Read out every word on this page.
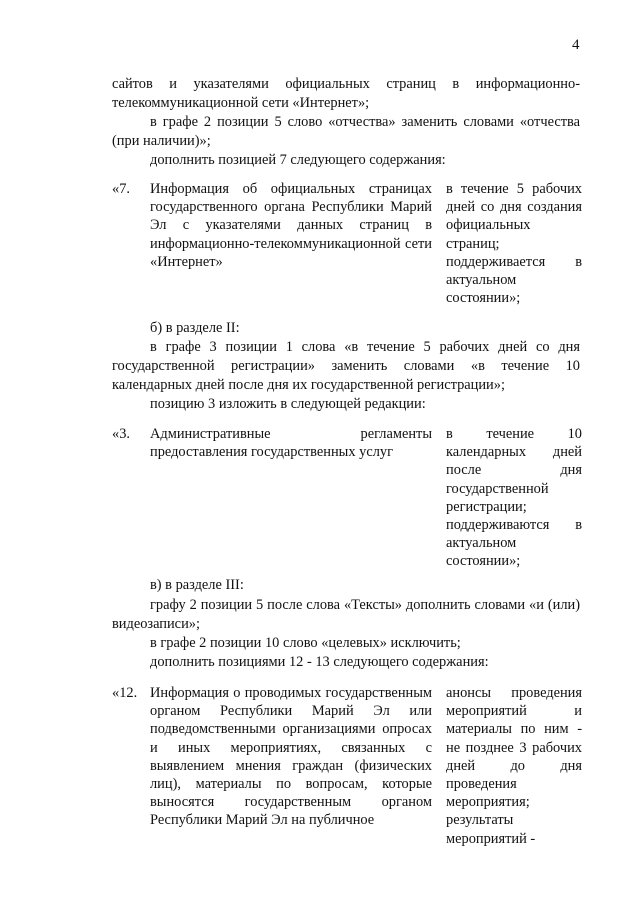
4

сайтов и указателями официальных страниц в информационно-телекоммуникационной сети «Интернет»;

в графе 2 позиции 5 слово «отчества» заменить словами «отчества (при наличии)»;

дополнить позицией 7 следующего содержания:

«7. Информация об официальных страницах государственного органа Республики Марий Эл с указателями данных страниц в информационно-телекоммуникационной сети «Интернет»
в течение 5 рабочих дней со дня создания официальных страниц; поддерживается в актуальном состоянии»;

б) в разделе II:

в графе 3 позиции 1 слова «в течение 5 рабочих дней со дня государственной регистрации» заменить словами «в течение 10 календарных дней после дня их государственной регистрации»;

позицию 3 изложить в следующей редакции:

«3. Административные регламенты предоставления государственных услуг
в течение 10 календарных дней после дня государственной регистрации; поддерживаются в актуальном состоянии»;

в) в разделе III:

графу 2 позиции 5 после слова «Тексты» дополнить словами «и (или) видеозаписи»;

в графе 2 позиции 10 слово «целевых» исключить;

дополнить позициями 12 - 13 следующего содержания:

«12. Информация о проводимых государственным органом Республики Марий Эл или подведомственными организациями опросах и иных мероприятиях, связанных с выявлением мнения граждан (физических лиц), материалы по вопросам, которые выносятся государственным органом Республики Марий Эл на публичное
анонсы проведения мероприятий и материалы по ним - не позднее 3 рабочих дней до дня проведения мероприятия; результаты мероприятий -
